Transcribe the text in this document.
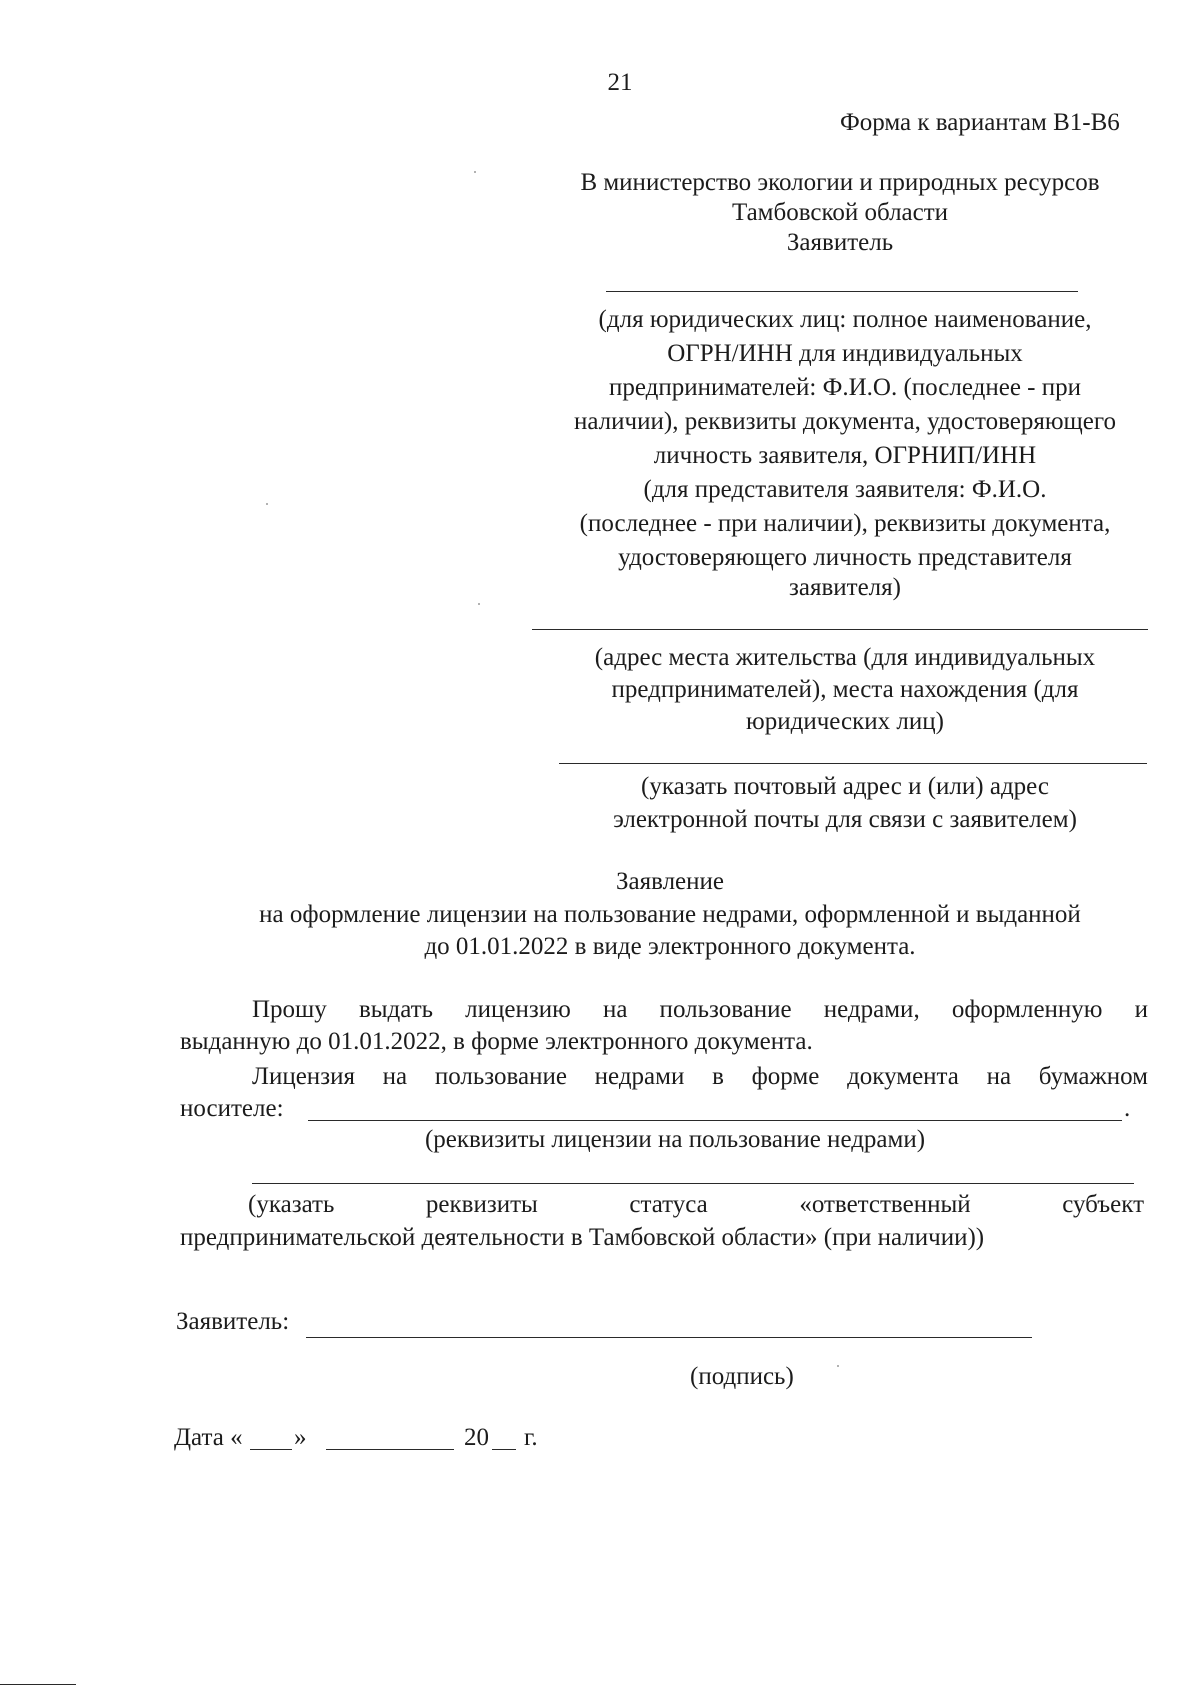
21
Форма к вариантам В1-В6
В министерство экологии и природных ресурсов
Тамбовской области
Заявитель
(для юридических лиц: полное наименование,
ОГРН/ИНН для индивидуальных
предпринимателей: Ф.И.О. (последнее - при
наличии), реквизиты документа, удостоверяющего
личность заявителя, ОГРНИП/ИНН
(для представителя заявителя: Ф.И.О.
(последнее - при наличии), реквизиты документа,
удостоверяющего личность представителя
заявителя)
(адрес места жительства (для индивидуальных
предпринимателей), места нахождения (для
юридических лиц)
(указать почтовый адрес и (или) адрес
электронной почты для связи с заявителем)
Заявление
на оформление лицензии на пользование недрами, оформленной и выданной
до 01.01.2022 в виде электронного документа.
Прошу выдать лицензию на пользование недрами, оформленную и
выданную до 01.01.2022, в форме электронного документа.
Лицензия на пользование недрами в форме документа на бумажном
носителе:	.
(реквизиты лицензии на пользование недрами)
(указать реквизиты статуса «ответственный субъект
предпринимательской деятельности в Тамбовской области» (при наличии))
Заявитель:
(подпись)
Дата « »	20 г.
